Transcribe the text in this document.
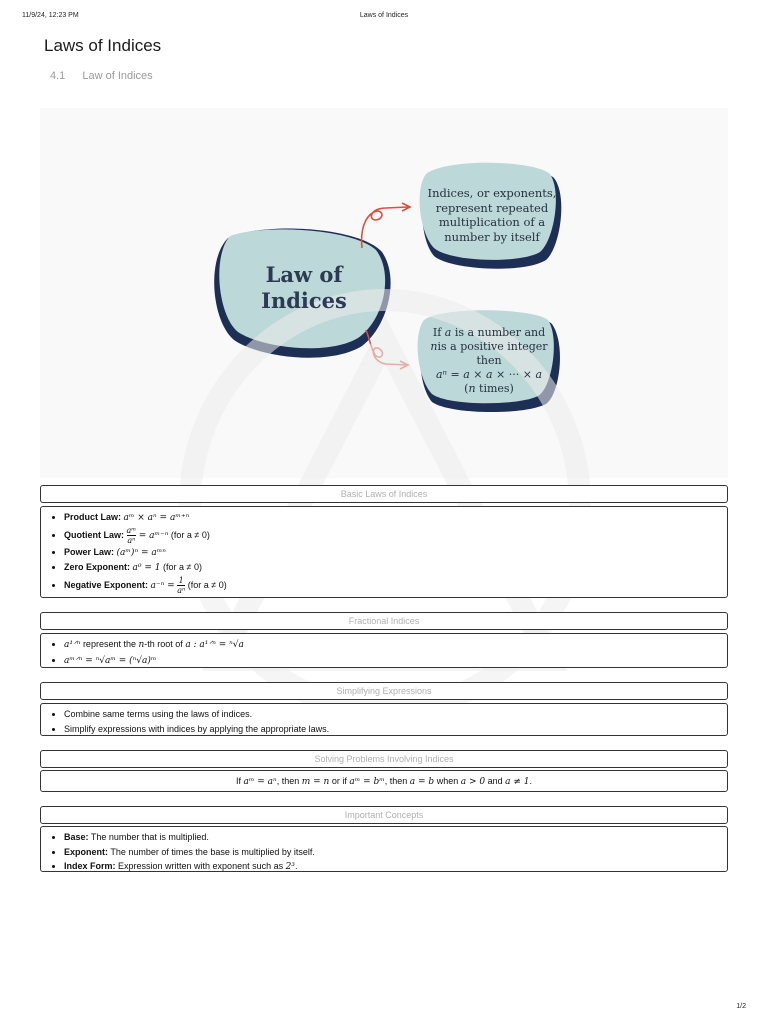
11/9/24, 12:23 PM	Laws of Indices
Laws of Indices
4.1 Law of Indices
Law of
Indices
Indices, or exponents,
represent repeated
multiplication of a
number by itself
If a is a number and
nis a positive integer
then
aⁿ = a × a × ··· × a
(n times)
Basic Laws of Indices
• Product Law: aᵐ × aⁿ = aᵐ⁺ⁿ
• Quotient Law: $\frac{\text{aᵐ}}{\text{aⁿ}}$ = aᵐ⁻ⁿ (for a ≠ 0)
• Power Law: (aᵐ)ⁿ = aᵐⁿ
• Zero Exponent: a⁰ = 1 (for a ≠ 0)
• Negative Exponent: $a^{-n} = \frac{1}{\text{aⁿ}} (for$ a ≠ 0)
Fractional Indices
• a¹ᐟⁿ represent the n-th root of a : a¹ᐟⁿ = ⁿ√a
• aᵐᐟⁿ = ⁿ√aᵐ = (ⁿ√a)ᵐ
Simplifying Expressions
• Combine same terms using the laws of indices.
• Simplify expressions with indices by applying the appropriate laws.
Solving Problems Involving Indices
If aᵐ = aⁿ, then m = n or if aᵐ = bᵐ, then a = b when a > 0 and a ≠ 1.
Important Concepts
• Base: The number that is multiplied.
• Exponent: The number of times the base is multiplied by itself.
• Index Form: Expression written with exponent such as 2³.
1/2
